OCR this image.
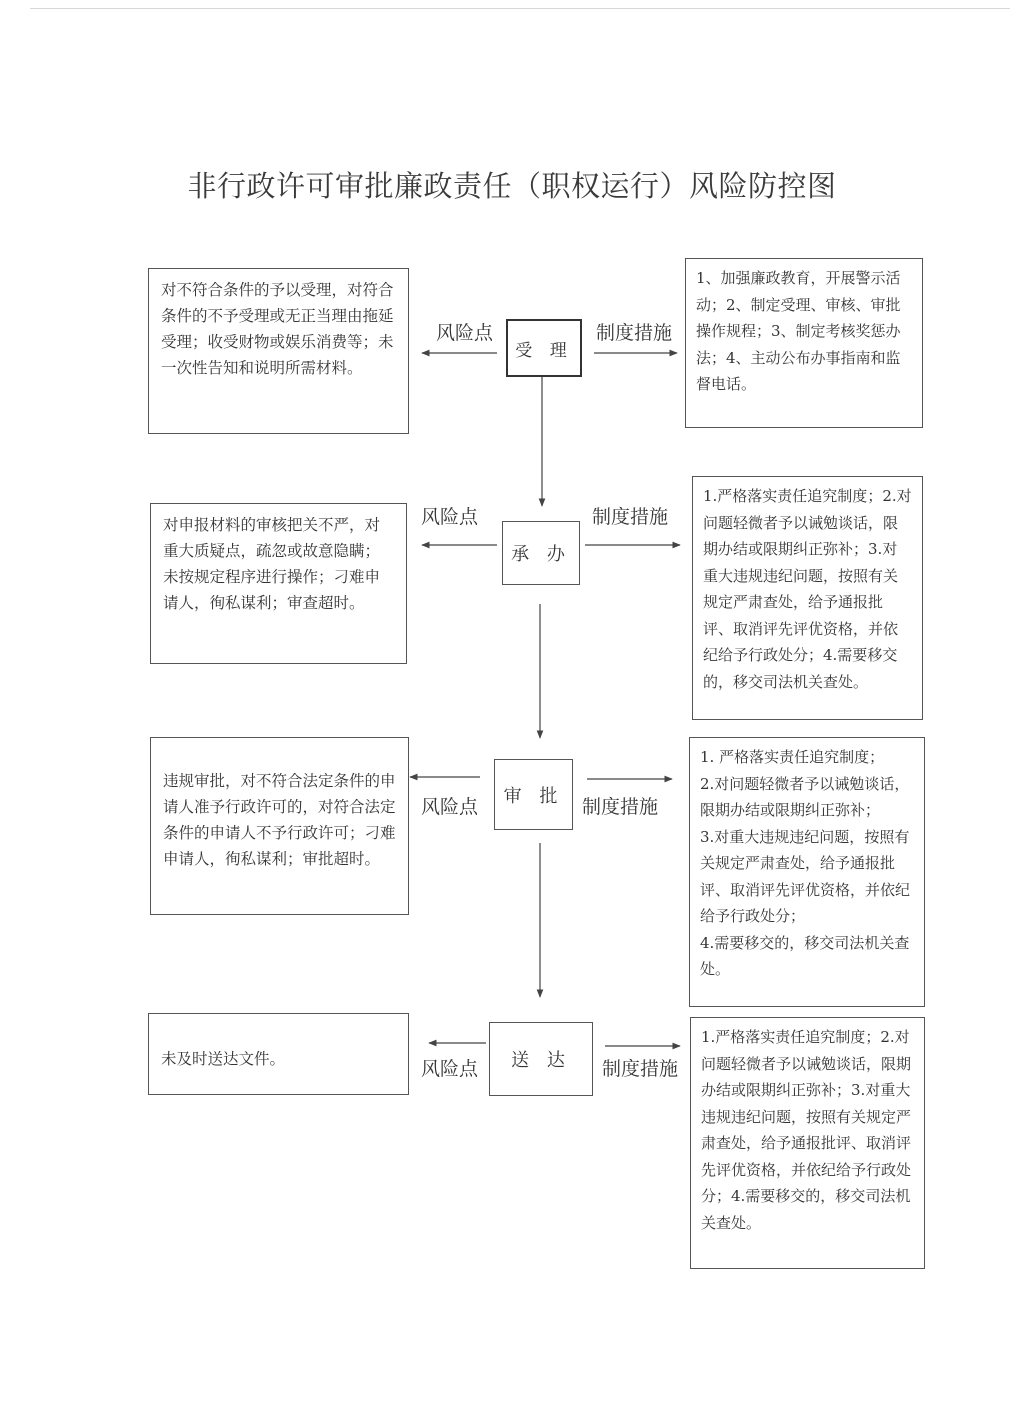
非行政许可审批廉政责任（职权运行）风险防控图
对不符合条件的予以受理，对符合条件的不予受理或无正当理由拖延受理；收受财物或娱乐消费等；未一次性告知和说明所需材料。
风险点
受 理
制度措施
1、加强廉政教育，开展警示活动；2、制定受理、审核、审批操作规程；3、制定考核奖惩办法；4、主动公布办事指南和监督电话。
对申报材料的审核把关不严，对重大质疑点，疏忽或故意隐瞒；未按规定程序进行操作；刁难申请人，徇私谋利；审查超时。
风险点
承 办
制度措施
1.严格落实责任追究制度；2.对问题轻微者予以诫勉谈话，限期办结或限期纠正弥补；3.对重大违规违纪问题，按照有关规定严肃查处，给予通报批评、取消评先评优资格，并依纪给予行政处分；4.需要移交的，移交司法机关查处。
违规审批，对不符合法定条件的申请人准予行政许可的，对符合法定条件的申请人不予行政许可；刁难申请人，徇私谋利；审批超时。
风险点	审 批 制度措施
1. 严格落实责任追究制度；
2.对问题轻微者予以诫勉谈话，限期办结或限期纠正弥补；
3.对重大违规违纪问题，按照有关规定严肃查处，给予通报批评、取消评先评优资格，并依纪给予行政处分；
4.需要移交的，移交司法机关查处。
未及时送达文件。	风险点	送 达	制度措施
1.严格落实责任追究制度；2.对问题轻微者予以诫勉谈话，限期办结或限期纠正弥补；3.对重大违规违纪问题，按照有关规定严肃查处，给予通报批评、取消评先评优资格，并依纪给予行政处分；4.需要移交的，移交司法机关查处。
